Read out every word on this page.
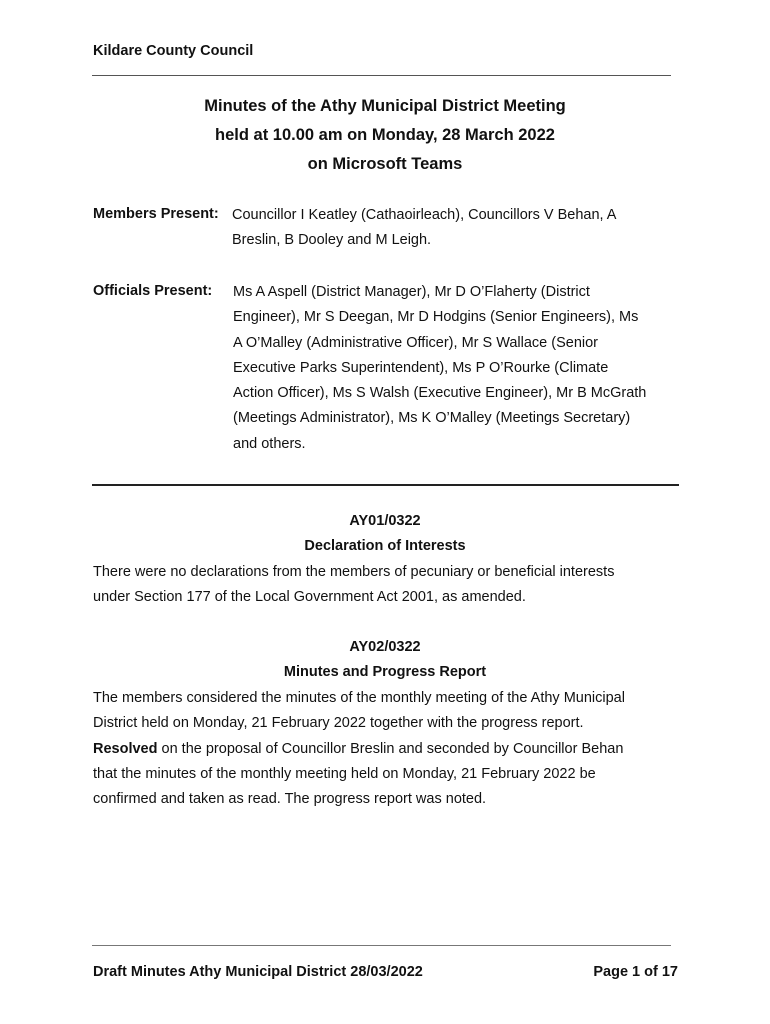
Kildare County Council
Minutes of the Athy Municipal District Meeting
held at 10.00 am on Monday, 28 March 2022
on Microsoft Teams
Members Present: Councillor I Keatley (Cathaoirleach), Councillors V Behan, A
Breslin, B Dooley and M Leigh.
Officials Present: Ms A Aspell (District Manager), Mr D O’Flaherty (District
Engineer), Mr S Deegan, Mr D Hodgins (Senior Engineers), Ms
A O’Malley (Administrative Officer), Mr S Wallace (Senior
Executive Parks Superintendent), Ms P O’Rourke (Climate
Action Officer), Ms S Walsh (Executive Engineer), Mr B McGrath
(Meetings Administrator), Ms K O’Malley (Meetings Secretary)
and others.
AY01/0322
Declaration of Interests
There were no declarations from the members of pecuniary or beneficial interests
under Section 177 of the Local Government Act 2001, as amended.
AY02/0322
Minutes and Progress Report
The members considered the minutes of the monthly meeting of the Athy Municipal
District held on Monday, 21 February 2022 together with the progress report.
Resolved on the proposal of Councillor Breslin and seconded by Councillor Behan
that the minutes of the monthly meeting held on Monday, 21 February 2022 be
confirmed and taken as read. The progress report was noted.
Draft Minutes Athy Municipal District 28/03/2022	Page 1 of 17
